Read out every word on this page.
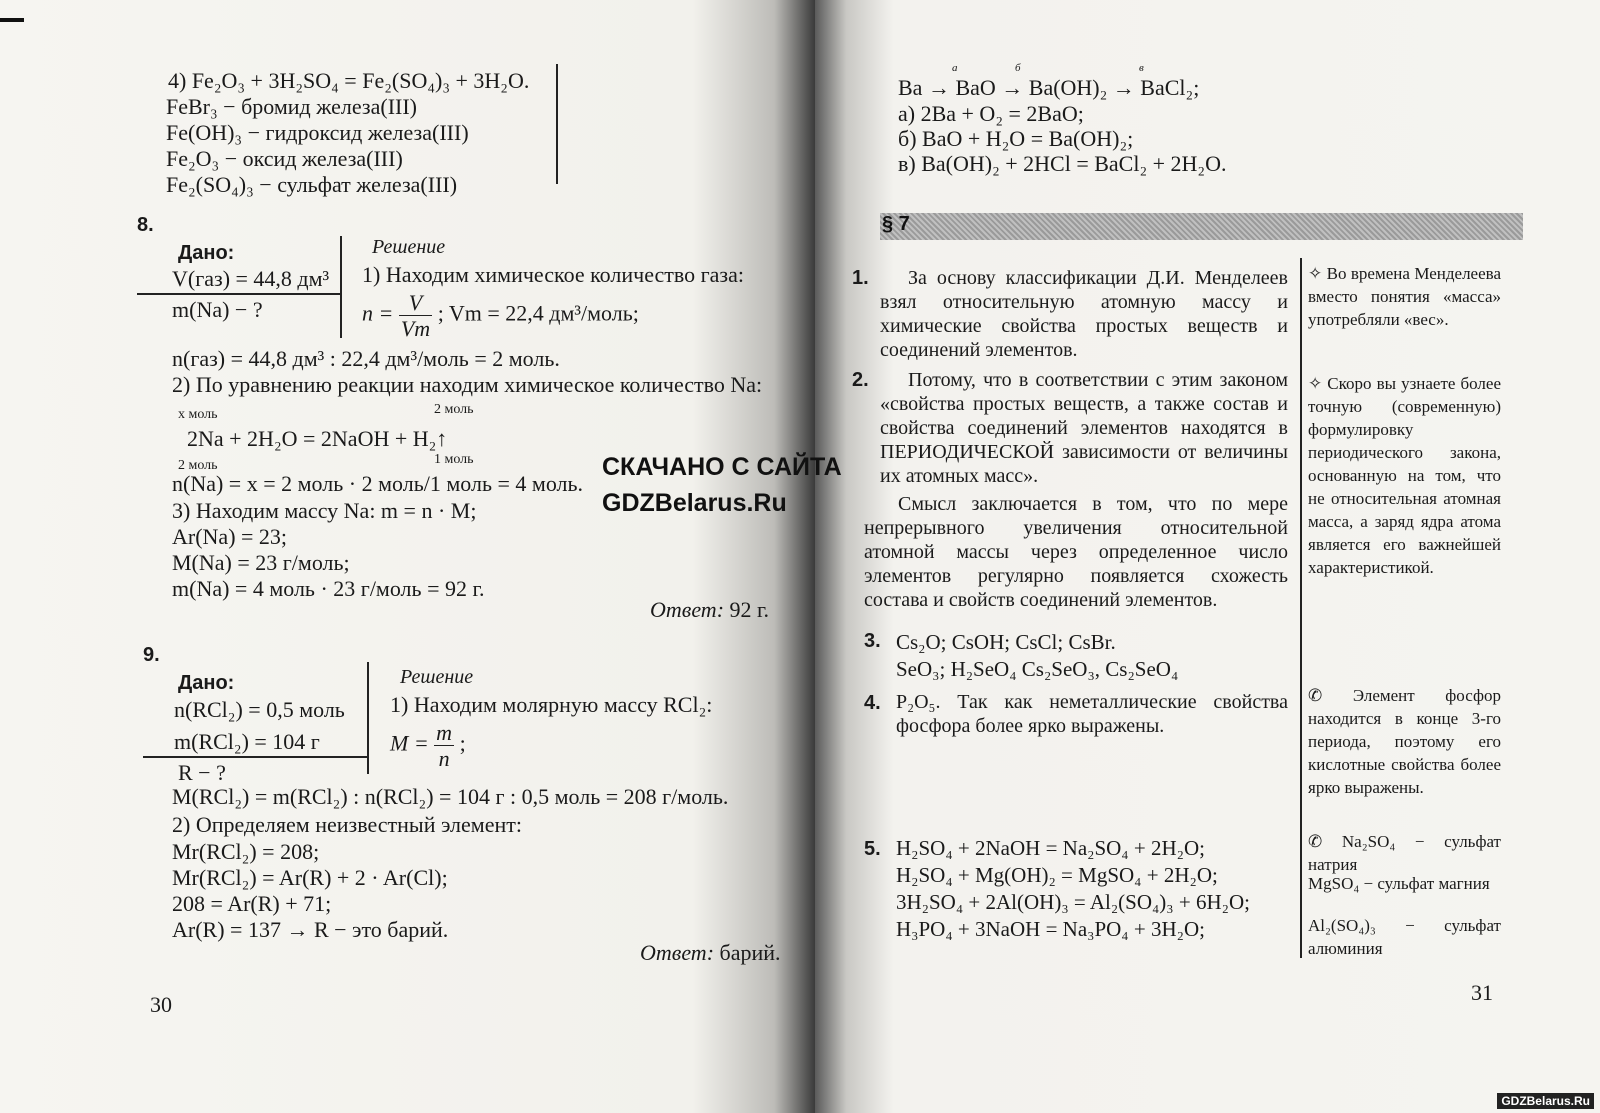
4) Fe₂O₃ + 3H₂SO₄ = Fe₂(SO₄)₃ + 3H₂O.
FeBr₃ − бромид железа(III)
Fe(OH)₃ − гидроксид железа(III)
Fe₂O₃ − оксид железа(III)
Fe₂(SO₄)₃ − сульфат железа(III)
8.
Дано:
V(газ) = 44,8 дм³
m(Na) − ?
Решение
1) Находим химическое количество газа:
$n = \frac{V}{Vm}$ ; Vm = 22,4 дм³/моль;
n(газ) = 44,8 дм³ : 22,4 дм³/моль = 2 моль.
2) По уравнению реакции находим химическое количество Na:
x моль	2 моль
2Na + 2H₂O = 2NaOH + H₂↑
2 моль	1 моль
n(Na) = x = 2 моль · 2 моль/1 моль = 4 моль.
3) Находим массу Na: m = n · M;
Ar(Na) = 23;
M(Na) = 23 г/моль;
m(Na) = 4 моль · 23 г/моль = 92 г.
Ответ: 92 г.
9.
Дано:
n(RCl₂) = 0,5 моль
m(RCl₂) = 104 г
R − ?
Решение
1) Находим молярную массу RCl₂:
$M = \frac{m}{n}$ ;
M(RCl₂) = m(RCl₂) : n(RCl₂) = 104 г : 0,5 моль = 208 г/моль.
2) Определяем неизвестный элемент:
Mr(RCl₂) = 208;
Mr(RCl₂) = Ar(R) + 2 · Ar(Cl);
208 = Ar(R) + 71;
Ar(R) = 137 → R − это барий.
Ответ: барий.
30
Ba → BaO → Ba(OH)₂ → BaCl₂;
а	б	в
а) 2Ba + O₂ = 2BaO;
б) BaO + H₂O = Ba(OH)₂;
в) Ba(OH)₂ + 2HCl = BaCl₂ + 2H₂O.
§ 7
1. За основу классификации Д.И. Менделеев взял относительную атомную массу и химические свойства простых веществ и соединений элементов.
2. Потому, что в соответствии с этим законом «свойства простых веществ, а также состав и свойства соединений элементов находятся в ПЕРИОДИЧЕСКОЙ зависимости от величины их атомных масс».
Смысл заключается в том, что по мере непрерывного увеличения относительной атомной массы через определенное число элементов регулярно появляется схожесть состава и свойств соединений элементов.
3. Cs₂O; CsOH; CsCl; CsBr.
SeO₃; H₂SeO₄ Cs₂SeO₃, Cs₂SeO₄
4. P₂O₅. Так как неметаллические свойства фосфора более ярко выражены.
5. H₂SO₄ + 2NaOH = Na₂SO₄ + 2H₂O;
H₂SO₄ + Mg(OH)₂ = MgSO₄ + 2H₂O;
3H₂SO₄ + 2Al(OH)₃ = Al₂(SO₄)₃ + 6H₂O;
H₃PO₄ + 3NaOH = Na₃PO₄ + 3H₂O;
✧ Во времена Менделеева вместо понятия «масса» употребляли «вес».
✧ Скоро вы узнаете более точную (современную) формулировку периодического закона, основанную на том, что не относительная атомная масса, а заряд ядра атома является его важнейшей характеристикой.
✆ Элемент фосфор находится в конце 3-го периода, поэтому его кислотные свойства более ярко выражены.
✆ Na₂SO₄ − сульфат натрия
MgSO₄ − сульфат магния
Al₂(SO₄)₃ − сульфат алюминия
31
СКАЧАНО С САЙТА
GDZBelarus.Ru
GDZBelarus.Ru
